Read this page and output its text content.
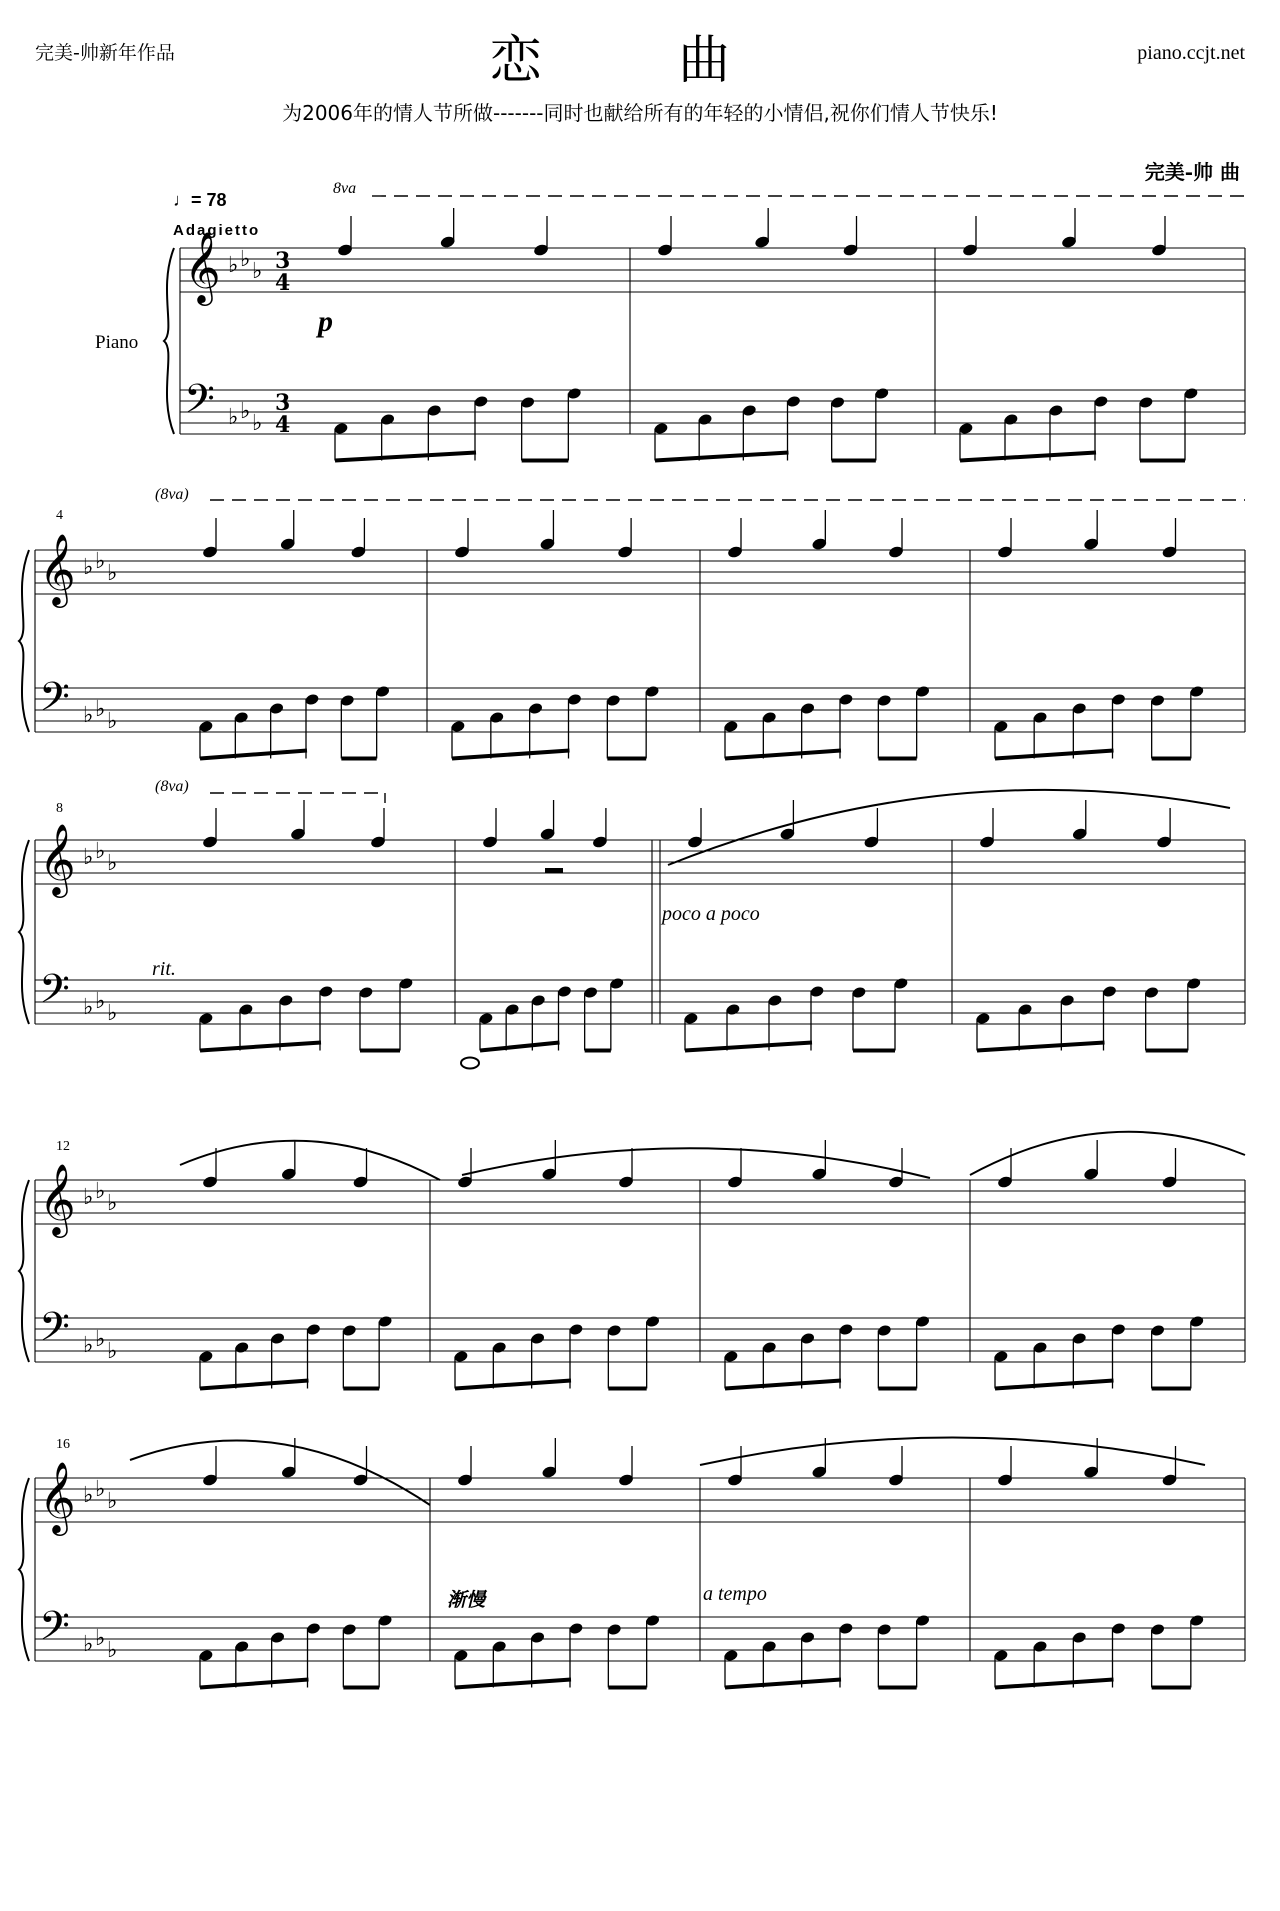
完美-帅新年作品	恋 曲	piano.ccjt.net
为2006年的情人节所做-------同时也献给所有的年轻的小情侣,祝你们情人节快乐!
完美-帅 曲
♩= 78
Adagietto
Piano
4
8
12
16
8va
(8va)
(8va)
p
rit.
poco a poco
渐慢	a tempo
𝄞 ♭ ♭ ♭
𝄢 ♭ ♭ ♭
3
3
4
4
𝄞 ♭ ♭ ♭
𝄢 ♭ ♭ ♭
𝄞 ♭ ♭ ♭
𝄢 ♭ ♭ ♭
𝄞 ♭ ♭ ♭
𝄢 ♭ ♭ ♭
𝄞 ♭ ♭ ♭
𝄢 ♭ ♭ ♭
